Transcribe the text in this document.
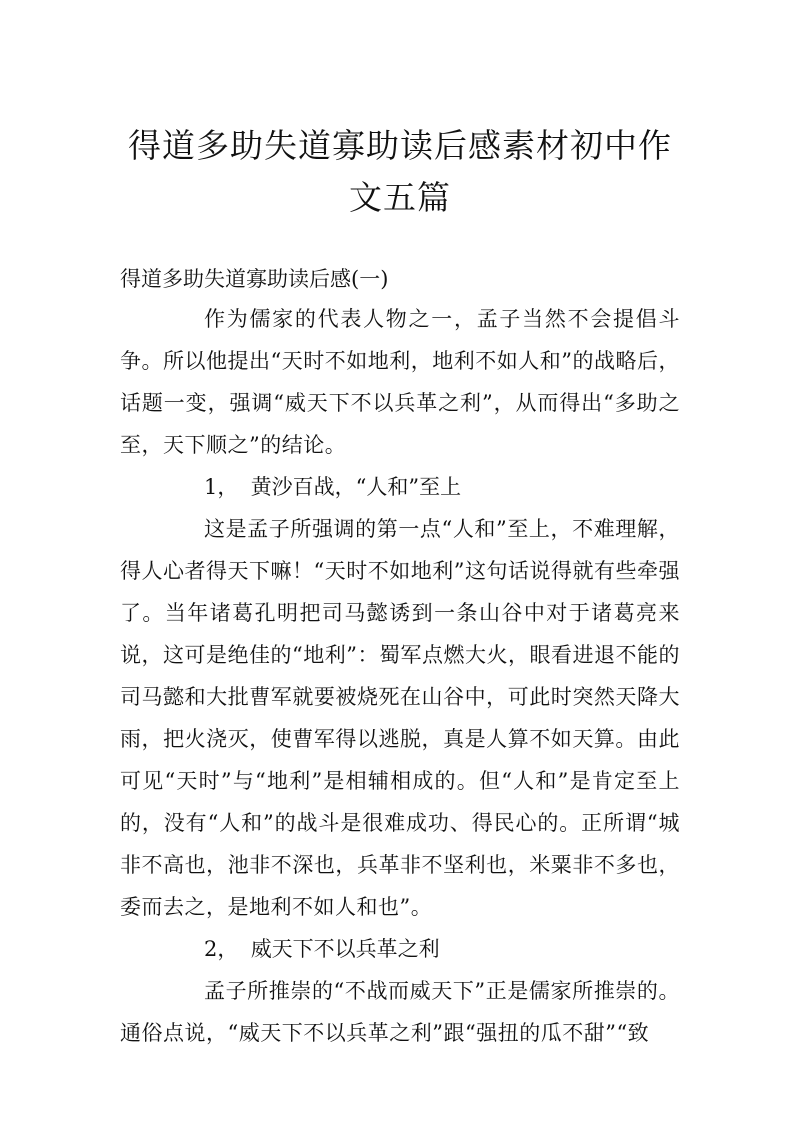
得道多助失道寡助读后感素材初中作文五篇
得道多助失道寡助读后感(一)

作为儒家的代表人物之一，孟子当然不会提倡斗争。所以他提出“天时不如地利，地利不如人和”的战略后，话题一变，强调“威天下不以兵革之利”，从而得出“多助之至，天下顺之”的结论。

1， 黄沙百战，“人和”至上

这是孟子所强调的第一点“人和”至上，不难理解，得人心者得天下嘛！“天时不如地利”这句话说得就有些牵强了。当年诸葛孔明把司马懿诱到一条山谷中对于诸葛亮来说，这可是绝佳的“地利”：蜀军点燃大火，眼看进退不能的司马懿和大批曹军就要被烧死在山谷中，可此时突然天降大雨，把火浇灭，使曹军得以逃脱，真是人算不如天算。由此可见“天时”与“地利”是相辅相成的。但“人和”是肯定至上的，没有“人和”的战斗是很难成功、得民心的。正所谓“城非不高也，池非不深也，兵革非不坚利也，米粟非不多也，委而去之，是地利不如人和也”。

2， 威天下不以兵革之利

孟子所推崇的“不战而威天下”正是儒家所推崇的。通俗点说，“威天下不以兵革之利”跟“强扭的瓜不甜”“致
